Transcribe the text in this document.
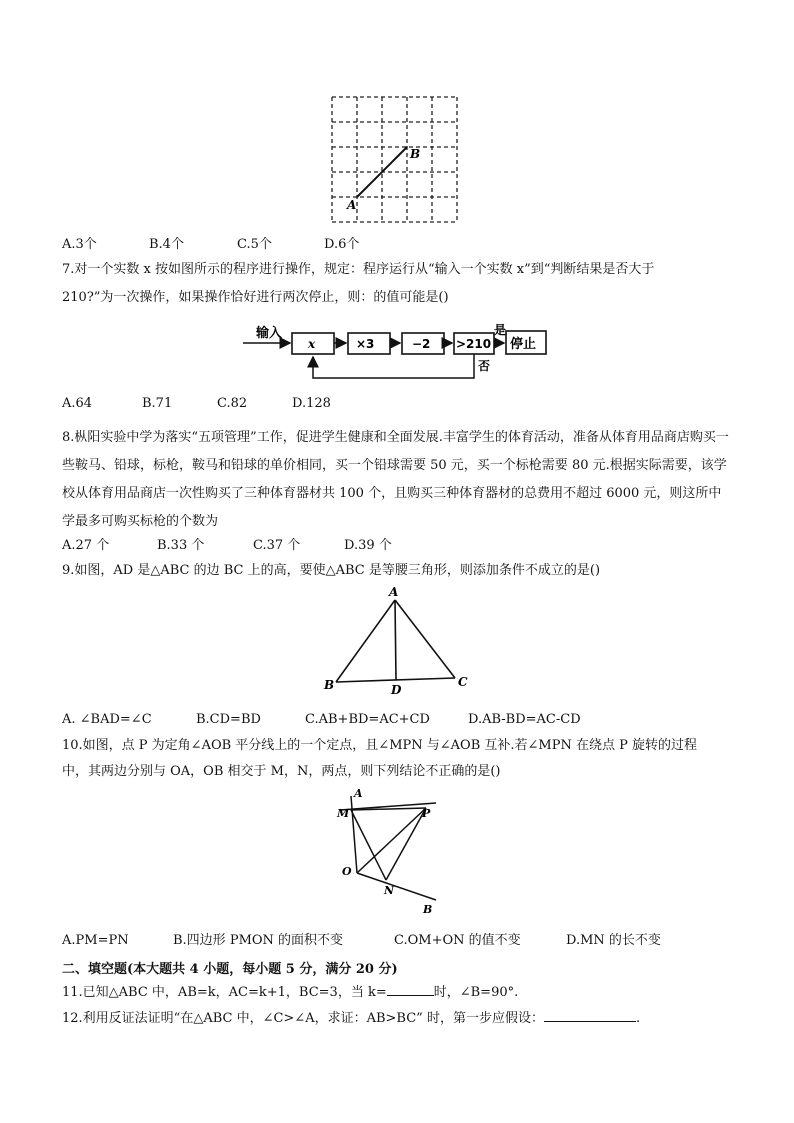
A
B
A.3个	B.4个	C.5个	D.6个
7.对一个实数 x 按如图所示的程序进行操作，规定：程序运行从“输入一个实数 x”到“判断结果是否大于
210?”为一次操作，如果操作恰好进行两次停止，则：的值可能是()
输入
x	×3	−2 >210
是
停止
否
A.64	B.71	C.82	D.128
8.枞阳实验中学为落实“五项管理”工作，促进学生健康和全面发展.丰富学生的体育活动，准备从体育用品商店购买一些鞍马、铅球，标枪，鞍马和铅球的单价相同，买一个铅球需要 50 元，买一个标枪需要 80 元.根据实际需要，该学校从体育用品商店一次性购买了三种体育器材共 100 个，且购买三种体育器材的总费用不超过 6000 元，则这所中学最多可购买标枪的个数为
A.27 个	B.33 个	C.37 个	D.39 个
9.如图，AD 是△ABC 的边 BC 上的高，要使△ABC 是等腰三角形，则添加条件不成立的是()
A
B	D
C
A. ∠BAD=∠C	B.CD=BD	C.AB+BD=AC+CD	D.AB-BD=AC-CD
10.如图，点 P 为定角∠AOB 平分线上的一个定点，且∠MPN 与∠AOB 互补.若∠MPN 在绕点 P 旋转的过程
中，其两边分别与 OA，OB 相交于 M，N，两点，则下列结论不正确的是()
A
M	P
O
N
B
A.PM=PN	B.四边形 PMON 的面积不变	C.OM+ON 的值不变	D.MN 的长不变
二、填空题(本大题共 4 小题，每小题 5 分，满分 20 分)
11.已知△ABC 中，AB=k，AC=k+1，BC=3，当 k=	时，∠B=90°.
12.利用反证法证明“在△ABC 中，∠C>∠A，求证：AB>BC” 时，第一步应假设：	.
